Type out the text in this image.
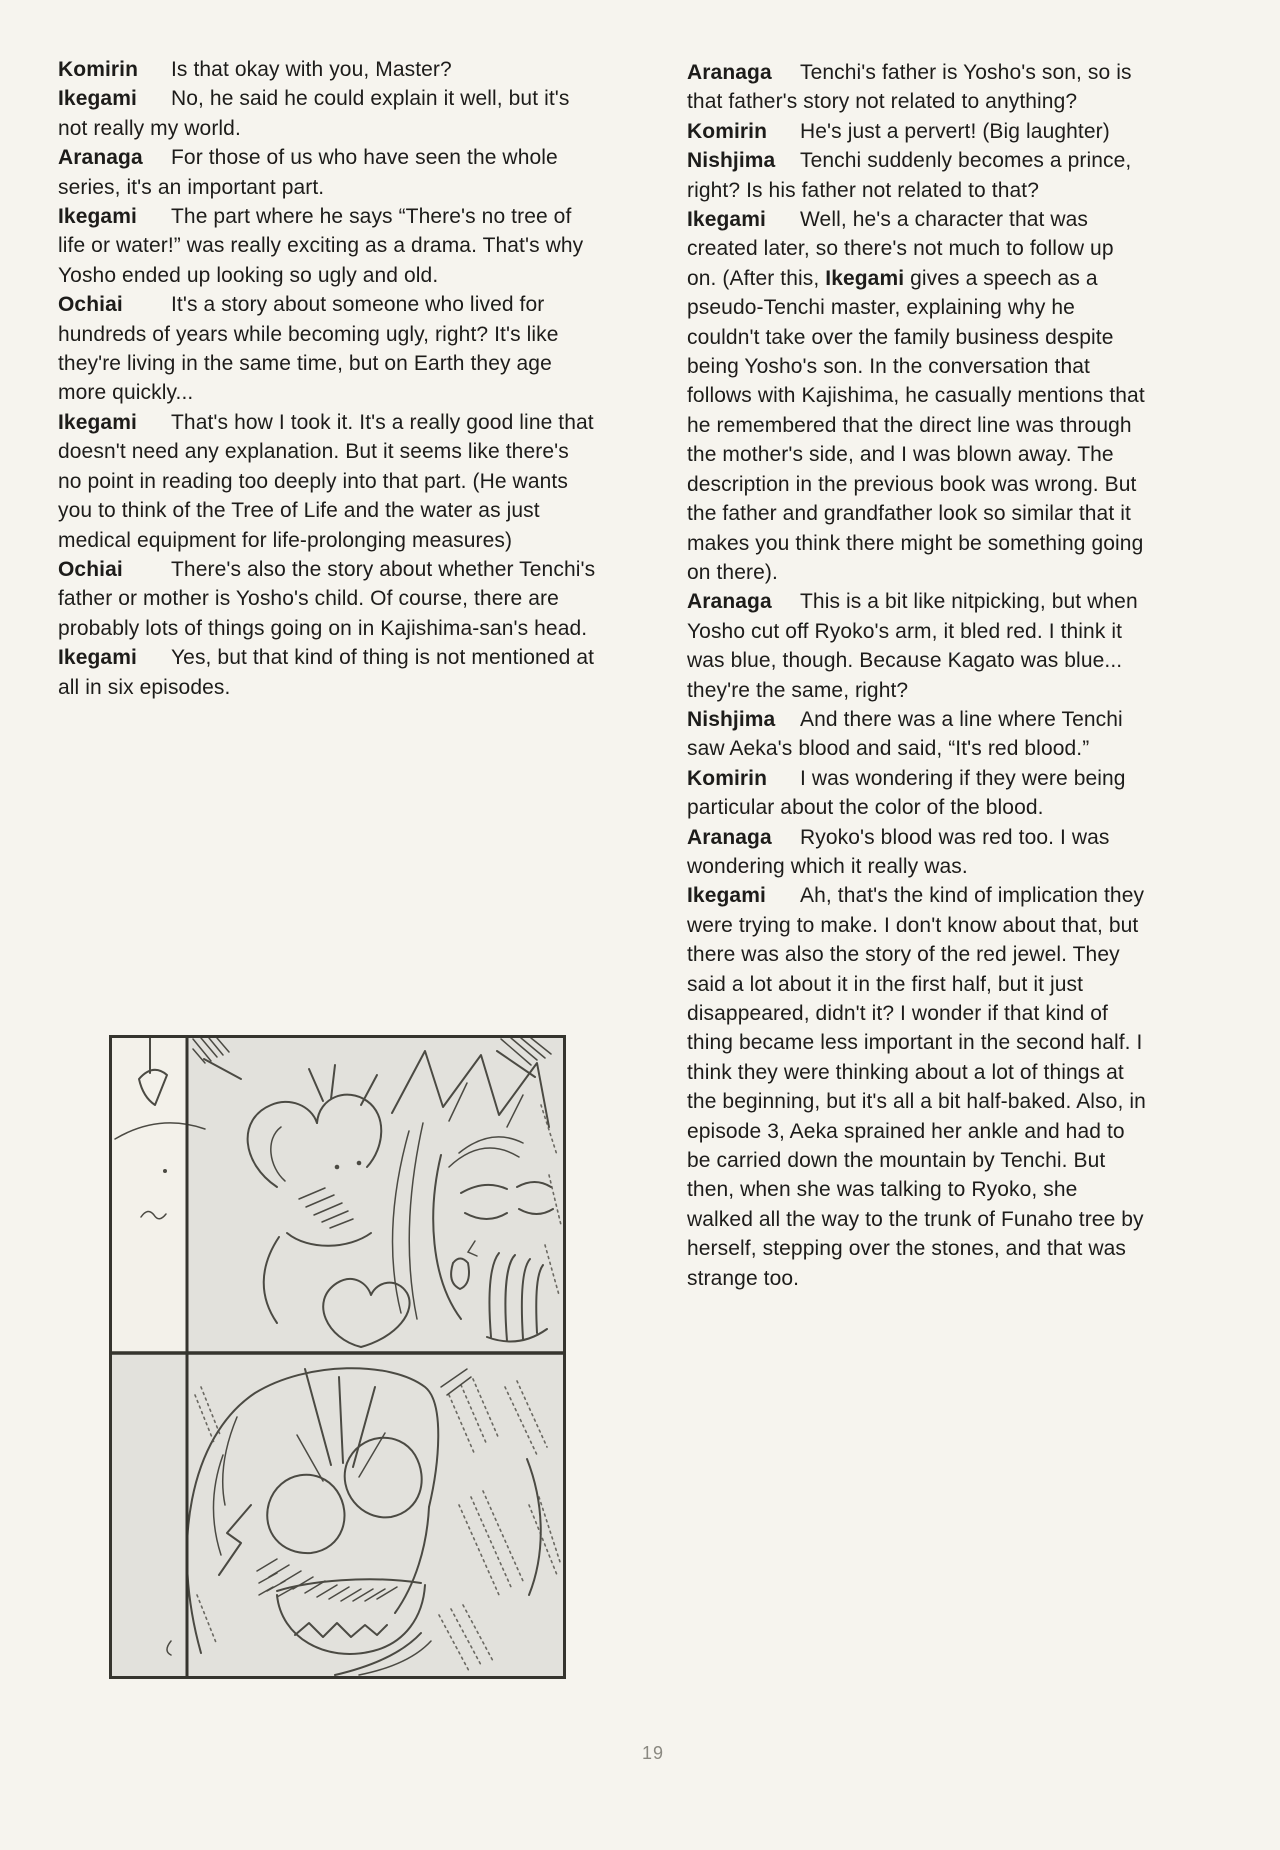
Komirin Is that okay with you, Master?

Ikegami No, he said he could explain it well, but it's not really my world.

Aranaga For those of us who have seen the whole series, it's an important part.

Ikegami The part where he says “There's no tree of life or water!” was really exciting as a drama. That's why Yosho ended up looking so ugly and old.

Ochiai It's a story about someone who lived for hundreds of years while becoming ugly, right? It's like they're living in the same time, but on Earth they age more quickly...

Ikegami That's how I took it. It's a really good line that doesn't need any explanation. But it seems like there's no point in reading too deeply into that part. (He wants you to think of the Tree of Life and the water as just medical equipment for life-prolonging measures)

Ochiai There's also the story about whether Tenchi's father or mother is Yosho's child. Of course, there are probably lots of things going on in Kajishima-san's head.

Ikegami Yes, but that kind of thing is not mentioned at all in six episodes.

Aranaga Tenchi's father is Yosho's son, so is that father's story not related to anything?

Komirin He's just a pervert! (Big laughter)

Nishjima Tenchi suddenly becomes a prince, right? Is his father not related to that?

Ikegami Well, he's a character that was created later, so there's not much to follow up on. (After this, Ikegami gives a speech as a pseudo-Tenchi master, explaining why he couldn't take over the family business despite being Yosho's son. In the conversation that follows with Kajishima, he casually mentions that he remembered that the direct line was through the mother's side, and I was blown away. The description in the previous book was wrong. But the father and grandfather look so similar that it makes you think there might be something going on there).

Aranaga This is a bit like nitpicking, but when Yosho cut off Ryoko's arm, it bled red. I think it was blue, though. Because Kagato was blue... they're the same, right?

Nishjima And there was a line where Tenchi saw Aeka's blood and said, “It's red blood.”

Komirin I was wondering if they were being particular about the color of the blood.

Aranaga Ryoko's blood was red too. I was wondering which it really was.

Ikegami Ah, that's the kind of implication they were trying to make. I don't know about that, but there was also the story of the red jewel. They said a lot about it in the first half, but it just disappeared, didn't it? I wonder if that kind of thing became less important in the second half. I think they were thinking about a lot of things at the beginning, but it's all a bit half-baked. Also, in episode 3, Aeka sprained her ankle and had to be carried down the mountain by Tenchi. But then, when she was talking to Ryoko, she walked all the way to the trunk of Funaho tree by herself, stepping over the stones, and that was strange too.

19
